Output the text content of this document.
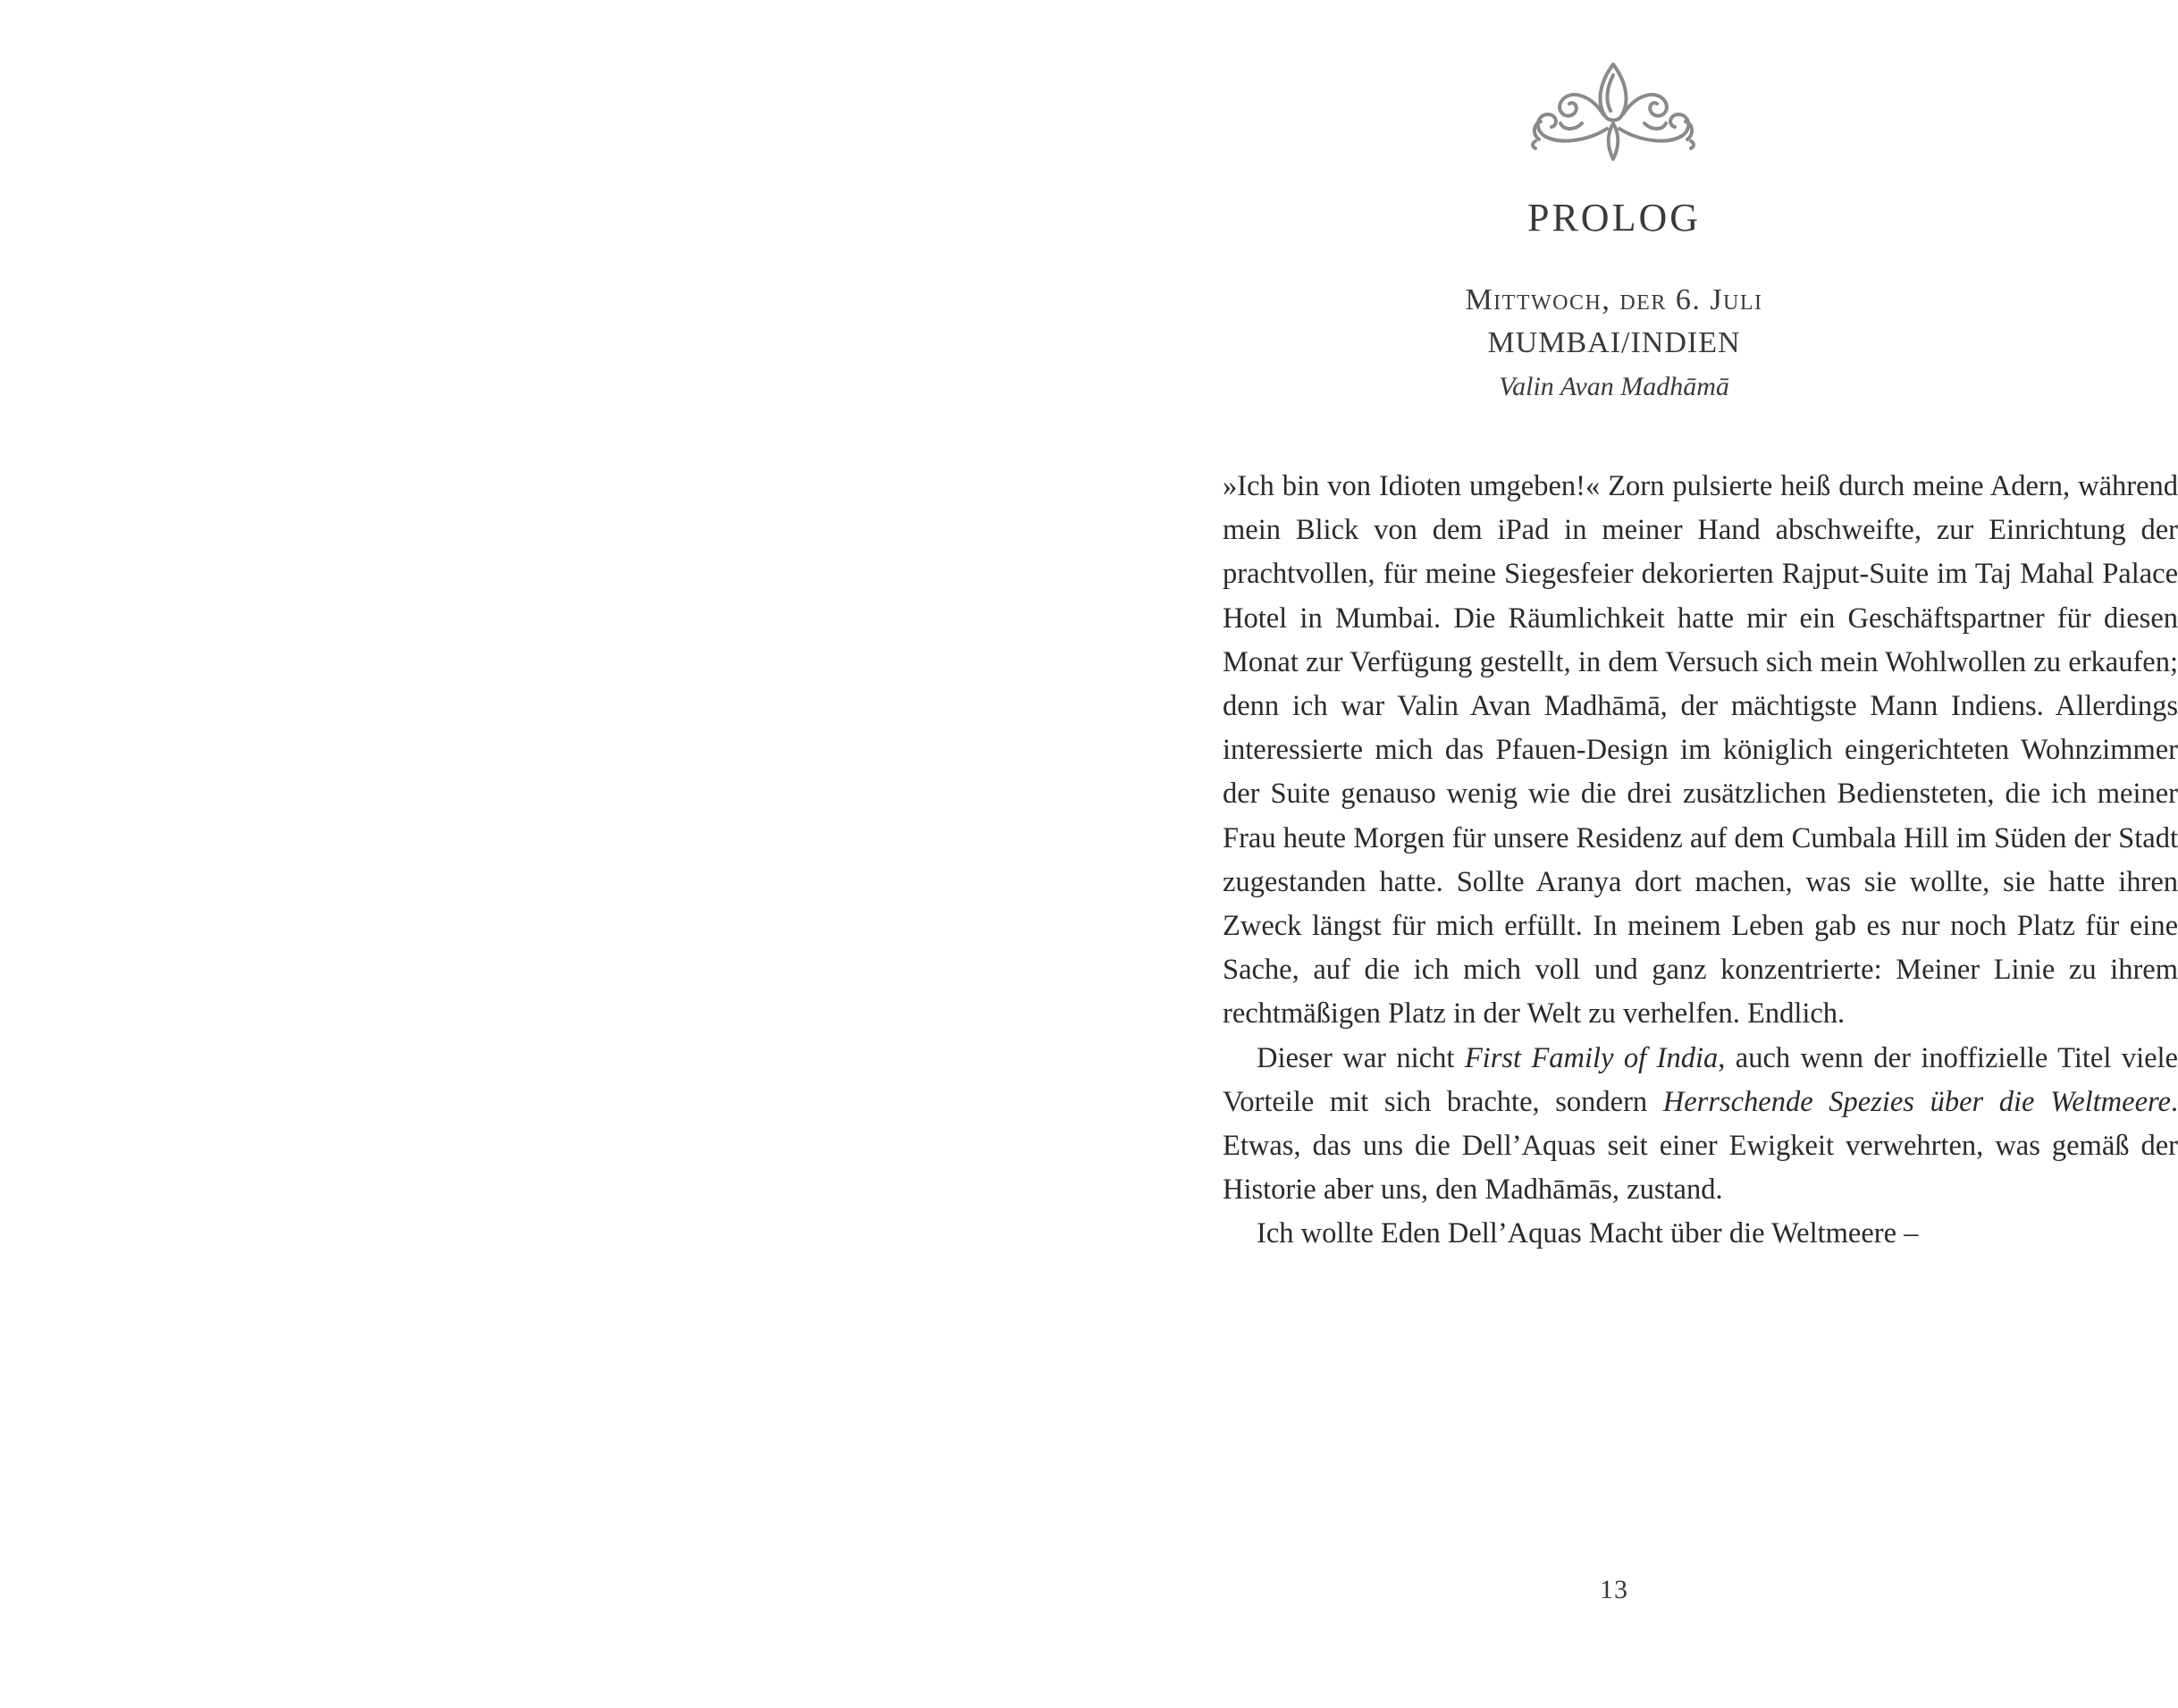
PROLOG
Mittwoch, der 6. Juli
MUMBAI/INDIEN
Valin Avan Madhāmā

»Ich bin von Idioten umgeben!« Zorn pulsierte heiß durch meine Adern, während mein Blick von dem iPad in meiner Hand abschweifte, zur Einrichtung der prachtvollen, für meine Siegesfeier dekorierten Rajput-Suite im Taj Mahal Palace Hotel in Mumbai. Die Räumlichkeit hatte mir ein Geschäftspartner für diesen Monat zur Verfügung gestellt, in dem Versuch sich mein Wohlwollen zu erkaufen; denn ich war Valin Avan Madhāmā, der mächtigste Mann Indiens. Allerdings interessierte mich das Pfauen-Design im königlich eingerichteten Wohnzimmer der Suite genauso wenig wie die drei zusätzlichen Bediensteten, die ich meiner Frau heute Morgen für unsere Residenz auf dem Cumbala Hill im Süden der Stadt zugestanden hatte. Sollte Aranya dort machen, was sie wollte, sie hatte ihren Zweck längst für mich erfüllt. In meinem Leben gab es nur noch Platz für eine Sache, auf die ich mich voll und ganz konzentrierte: Meiner Linie zu ihrem rechtmäßigen Platz in der Welt zu verhelfen. Endlich.

Dieser war nicht First Family of India, auch wenn der inoffizielle Titel viele Vorteile mit sich brachte, sondern Herrschende Spezies über die Weltmeere. Etwas, das uns die Dell’Aquas seit einer Ewigkeit verwehrten, was gemäß der Historie aber uns, den Madhāmās, zustand.

Ich wollte Eden Dell’Aquas Macht über die Weltmeere –

13
